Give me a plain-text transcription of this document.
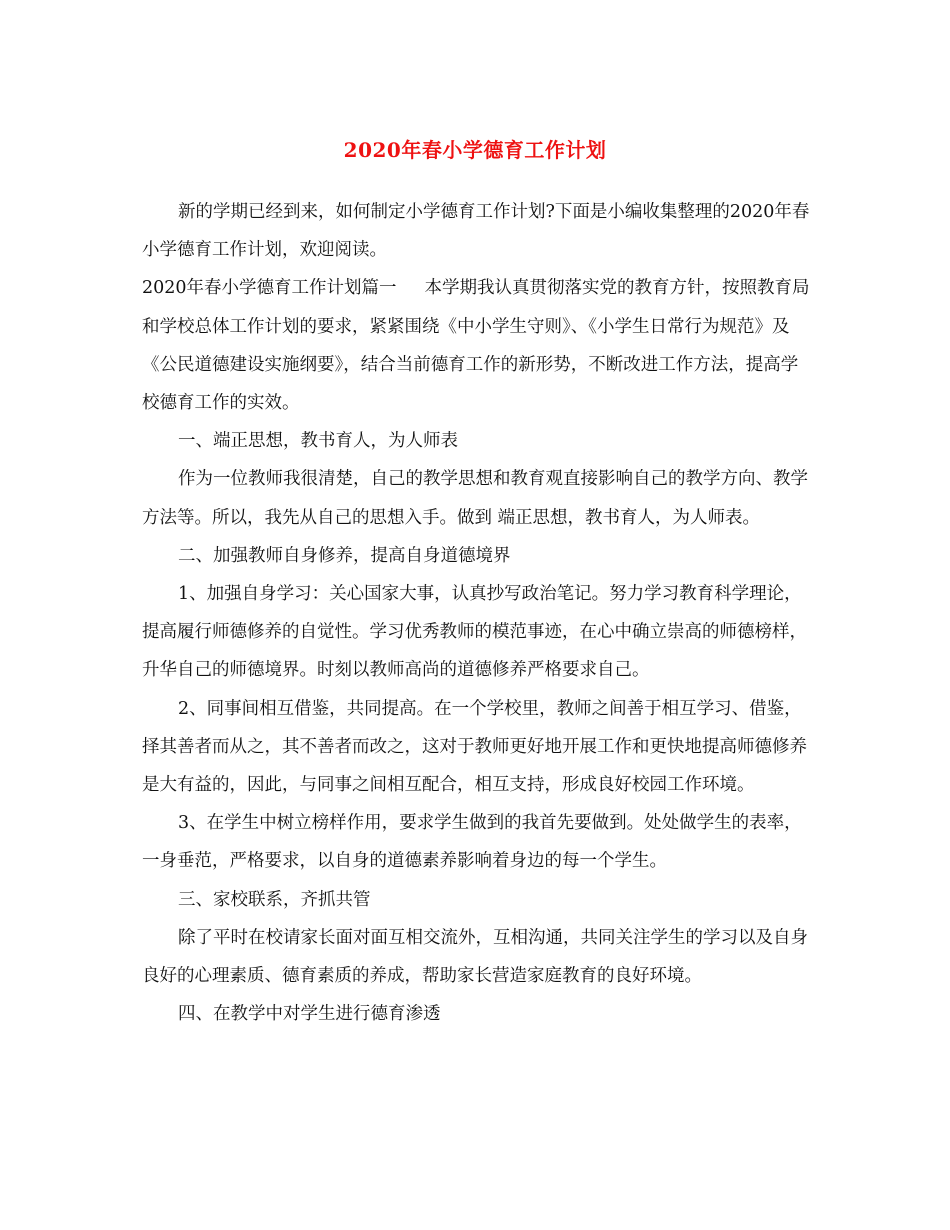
2020年春小学德育工作计划

新的学期已经到来，如何制定小学德育工作计划?下面是小编收集整理的2020年春小学德育工作计划，欢迎阅读。

2020年春小学德育工作计划篇一 本学期我认真贯彻落实党的教育方针，按照教育局和学校总体工作计划的要求，紧紧围绕《中小学生守则》、《小学生日常行为规范》及《公民道德建设实施纲要》，结合当前德育工作的新形势，不断改进工作方法，提高学校德育工作的实效。

一、端正思想，教书育人，为人师表

作为一位教师我很清楚，自己的教学思想和教育观直接影响自己的教学方向、教学方法等。所以，我先从自己的思想入手。做到 端正思想，教书育人，为人师表。

二、加强教师自身修养，提高自身道德境界

1、加强自身学习：关心国家大事，认真抄写政治笔记。努力学习教育科学理论，提高履行师德修养的自觉性。学习优秀教师的模范事迹，在心中确立崇高的师德榜样，升华自己的师德境界。时刻以教师高尚的道德修养严格要求自己。

2、同事间相互借鉴，共同提高。在一个学校里，教师之间善于相互学习、借鉴，择其善者而从之，其不善者而改之，这对于教师更好地开展工作和更快地提高师德修养是大有益的，因此，与同事之间相互配合，相互支持，形成良好校园工作环境。

3、在学生中树立榜样作用，要求学生做到的我首先要做到。处处做学生的表率，一身垂范，严格要求，以自身的道德素养影响着身边的每一个学生。

三、家校联系，齐抓共管

除了平时在校请家长面对面互相交流外，互相沟通，共同关注学生的学习以及自身良好的心理素质、德育素质的养成，帮助家长营造家庭教育的良好环境。

四、在教学中对学生进行德育渗透
